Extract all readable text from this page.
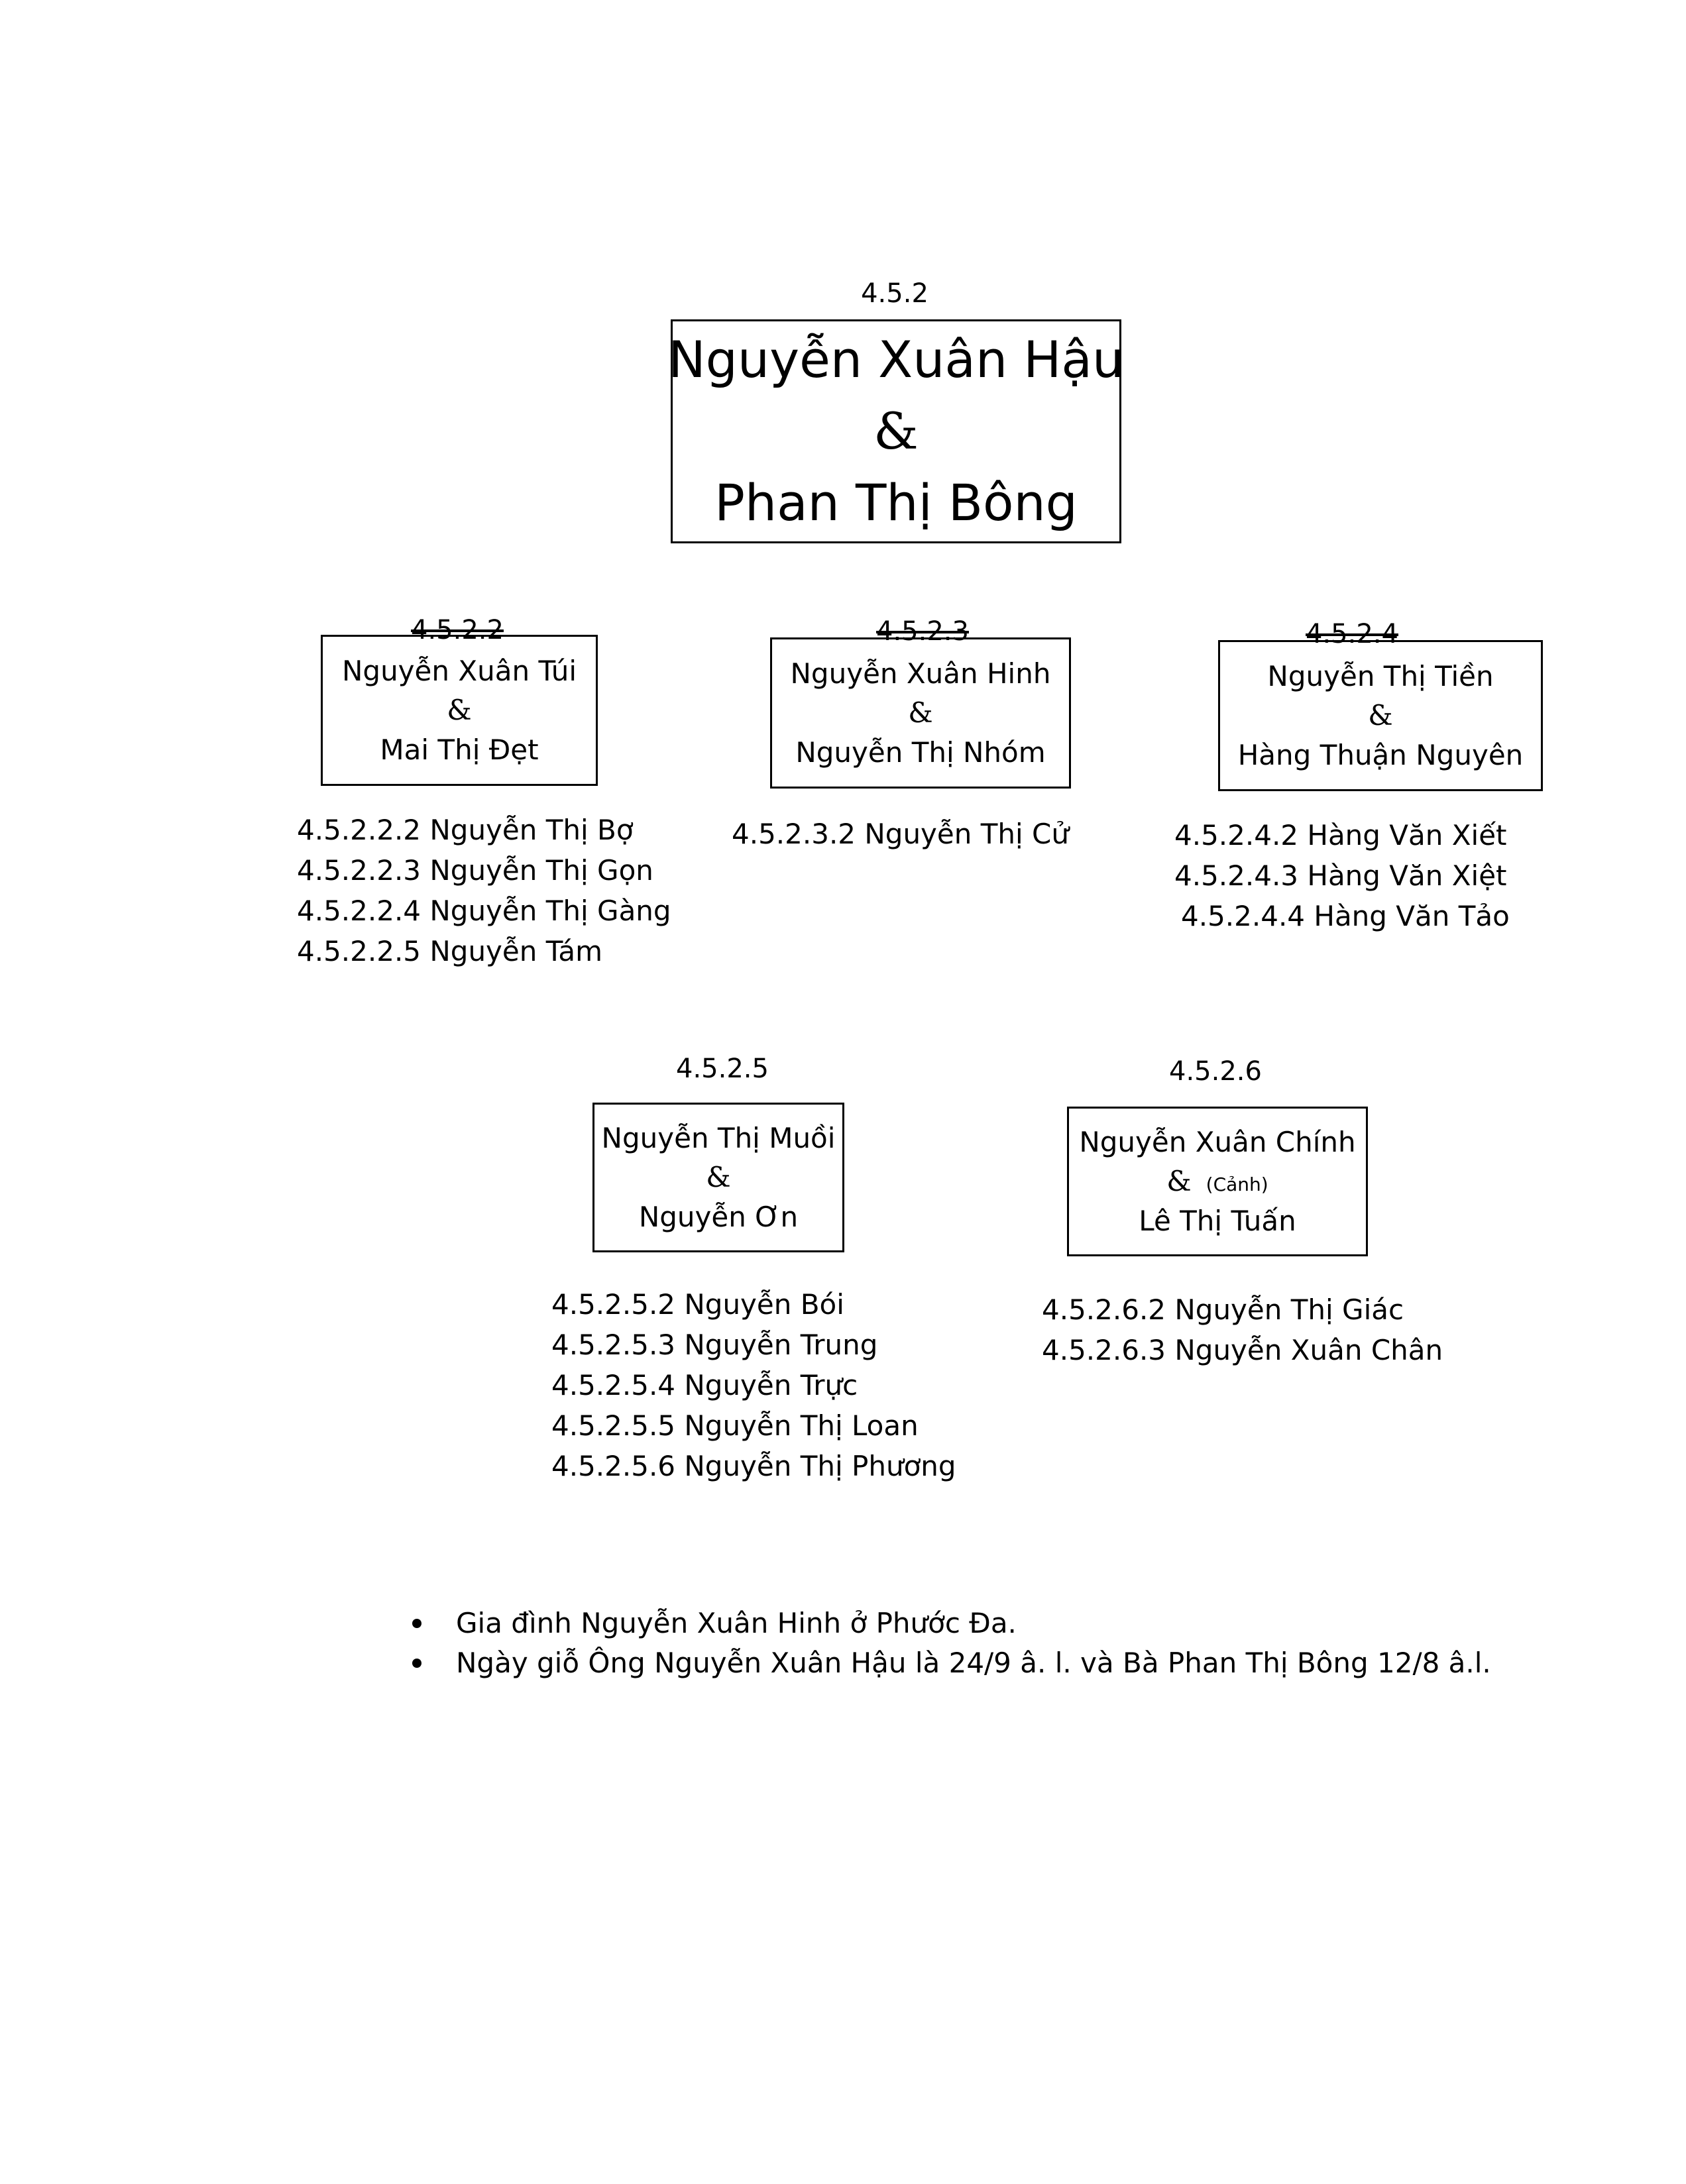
4.5.2
Nguyễn Xuân Hậu
&
Phan Thị Bông
4.5.2.2
Nguyễn Xuân Túi
&
Mai Thị Đẹt
4.5.2.2.2 Nguyễn Thị Bợ
4.5.2.2.3 Nguyễn Thị Gọn
4.5.2.2.4 Nguyễn Thị Gàng
4.5.2.2.5 Nguyễn Tám
4.5.2.3
Nguyễn Xuân Hinh
&
Nguyễn Thị Nhóm
4.5.2.3.2 Nguyễn Thị Cử
4.5.2.4
Nguyễn Thị Tiền
&
Hàng Thuận Nguyên
4.5.2.4.2 Hàng Văn Xiết
4.5.2.4.3 Hàng Văn Xiệt
4.5.2.4.4 Hàng Văn Tảo
4.5.2.5
Nguyễn Thị Muồi
&
Nguyễn Ơn
4.5.2.5.2 Nguyễn Bói
4.5.2.5.3 Nguyễn Trung
4.5.2.5.4 Nguyễn Trực
4.5.2.5.5 Nguyễn Thị Loan
4.5.2.5.6 Nguyễn Thị Phương
4.5.2.6
Nguyễn Xuân Chính
& (Cảnh)
Lê Thị Tuấn
4.5.2.6.2 Nguyễn Thị Giác
4.5.2.6.3 Nguyễn Xuân Chân
Gia đình Nguyễn Xuân Hinh ở Phước Đa.
Ngày giỗ Ông Nguyễn Xuân Hậu là 24/9 â. l. và Bà Phan Thị Bông 12/8 â.l.
